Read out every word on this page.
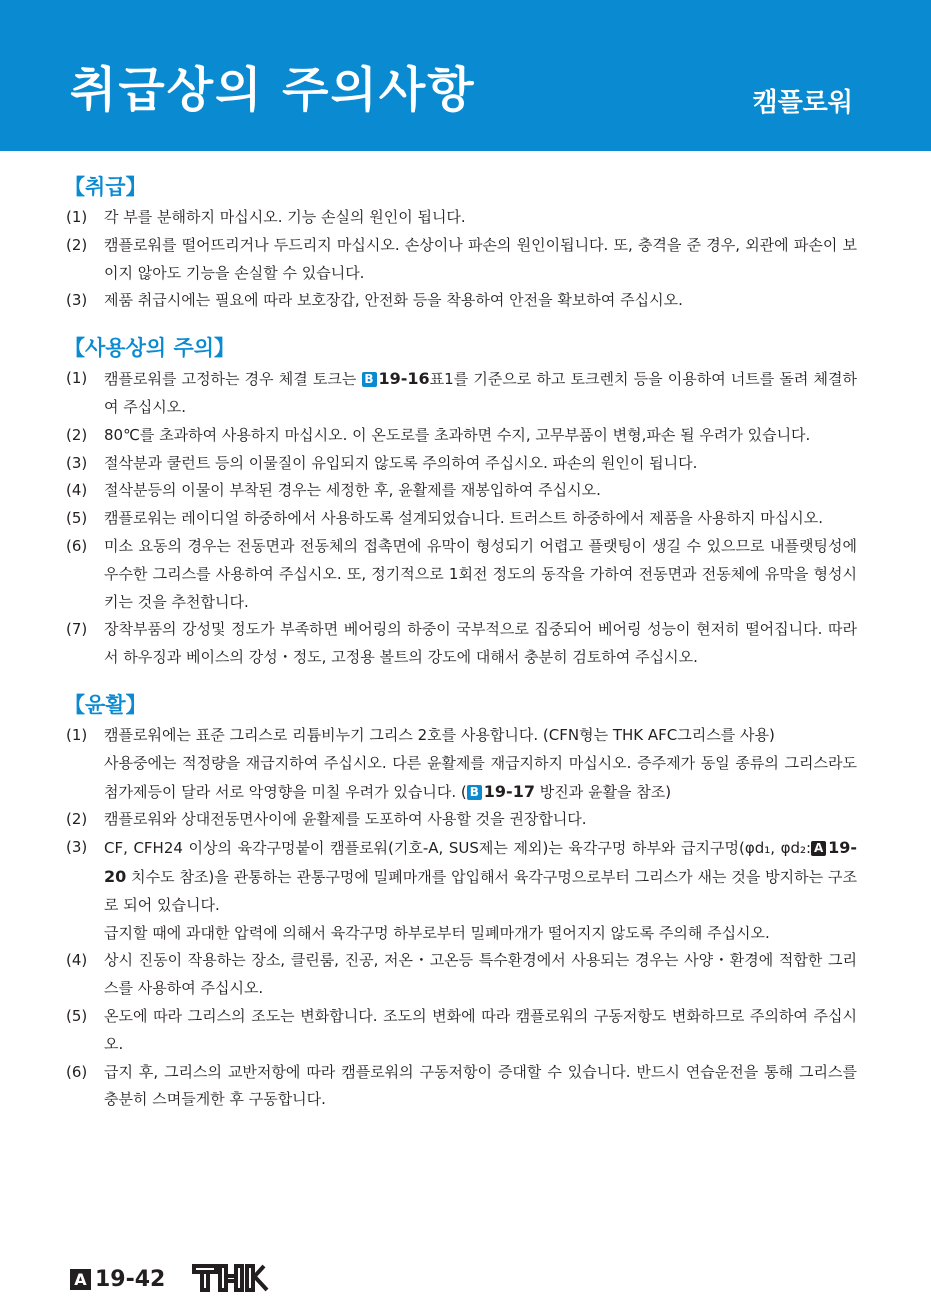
취급상의 주의사항	캠플로워
【취급】
(1) 각 부를 분해하지 마십시오. 기능 손실의 원인이 됩니다.

(2) 캠플로워를 떨어뜨리거나 두드리지 마십시오. 손상이나 파손의 원인이됩니다. 또, 충격을 준 경우, 외관에 파손이 보이지 않아도 기능을 손실할 수 있습니다.

(3) 제품 취급시에는 필요에 따라 보호장갑, 안전화 등을 착용하여 안전을 확보하여 주십시오.

【사용상의 주의】
(1) 캠플로워를 고정하는 경우 체결 토크는 B 19-16표1를 기준으로 하고 토크렌치 등을 이용하여 너트를 돌려 체결하여 주십시오.

(2) 80℃를 초과하여 사용하지 마십시오. 이 온도로를 초과하면 수지, 고무부품이 변형,파손 될 우려가 있습니다.

(3) 절삭분과 쿨런트 등의 이물질이 유입되지 않도록 주의하여 주십시오. 파손의 원인이 됩니다.

(4) 절삭분등의 이물이 부착된 경우는 세정한 후, 윤활제를 재봉입하여 주십시오.

(5) 캠플로워는 레이디얼 하중하에서 사용하도록 설계되었습니다. 트러스트 하중하에서 제품을 사용하지 마십시오.

(6) 미소 요동의 경우는 전동면과 전동체의 접촉면에 유막이 형성되기 어렵고 플랫팅이 생길 수 있으므로 내플랫팅성에 우수한 그리스를 사용하여 주십시오. 또, 정기적으로 1회전 정도의 동작을 가하여 전동면과 전동체에 유막을 형성시키는 것을 추천합니다.

(7) 장착부품의 강성및 정도가 부족하면 베어링의 하중이 국부적으로 집중되어 베어링 성능이 현저히 떨어집니다. 따라서 하우징과 베이스의 강성・정도, 고정용 볼트의 강도에 대해서 충분히 검토하여 주십시오.

【윤활】
(1) 캠플로워에는 표준 그리스로 리튬비누기 그리스 2호를 사용합니다. (CFN형는 THK AFC그리스를 사용)

사용중에는 적정량을 재급지하여 주십시오. 다른 윤활제를 재급지하지 마십시오. 증주제가 동일 종류의 그리스라도 첨가제등이 달라 서로 악영향을 미칠 우려가 있습니다. ( B 19-17 방진과 윤활을 참조)

(2) 캠플로워와 상대전동면사이에 윤활제를 도포하여 사용할 것을 권장합니다.

(3) CF, CFH24 이상의 육각구멍붙이 캠플로워(기호-A, SUS제는 제외)는 육각구멍 하부와 급지구멍(φd₁, φd₂: A 19-20 치수도 참조)을 관통하는 관통구멍에 밀폐마개를 압입해서 육각구멍으로부터 그리스가 새는 것을 방지하는 구조로 되어 있습니다.

급지할 때에 과대한 압력에 의해서 육각구멍 하부로부터 밀폐마개가 떨어지지 않도록 주의해 주십시오.

(4) 상시 진동이 작용하는 장소, 클린룸, 진공, 저온・고온등 특수환경에서 사용되는 경우는 사양・환경에 적합한 그리스를 사용하여 주십시오.

(5) 온도에 따라 그리스의 조도는 변화합니다. 조도의 변화에 따라 캠플로워의 구동저항도 변화하므로 주의하여 주십시오.

(6) 급지 후, 그리스의 교반저항에 따라 캠플로워의 구동저항이 증대할 수 있습니다. 반드시 연습운전을 통해 그리스를 충분히 스며들게한 후 구동합니다.

A 19-42
